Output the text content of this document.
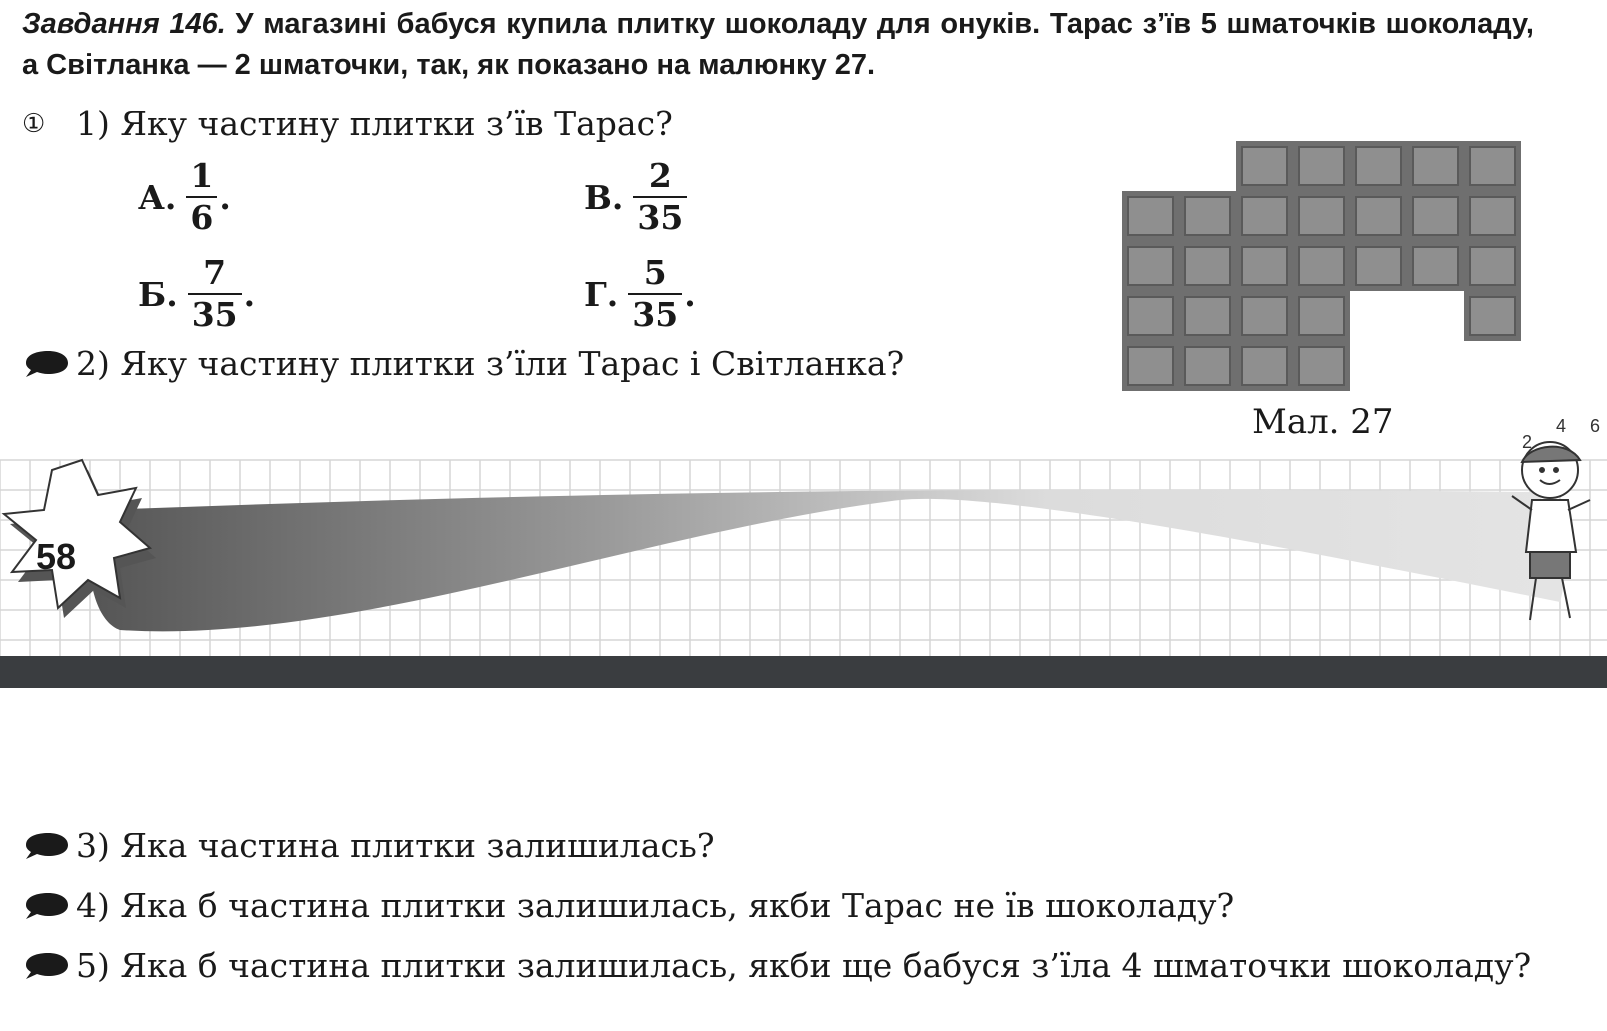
Завдання 146. У магазині бабуся купила плитку шоколаду для онуків. Тарас з’їв 5 шматочків шоколаду, а Світланка — 2 шматочки, так, як показано на малюнку 27.
① 1) Яку частину плитки з’їв Тарас?
А. $\frac{1}{6}$ .	В. $\frac{2}{35}$
Б. $\frac{7}{35}$ .	Г. $\frac{5}{35}$ .
2) Яку частину плитки з’їли Тарас і Світланка?
Мал. 27
58
2
4 6
3) Яка частина плитки залишилась?
4) Яка б частина плитки залишилась, якби Тарас не їв шоколаду?
5) Яка б частина плитки залишилась, якби ще бабуся з’їла 4 шматочки шоколаду?
